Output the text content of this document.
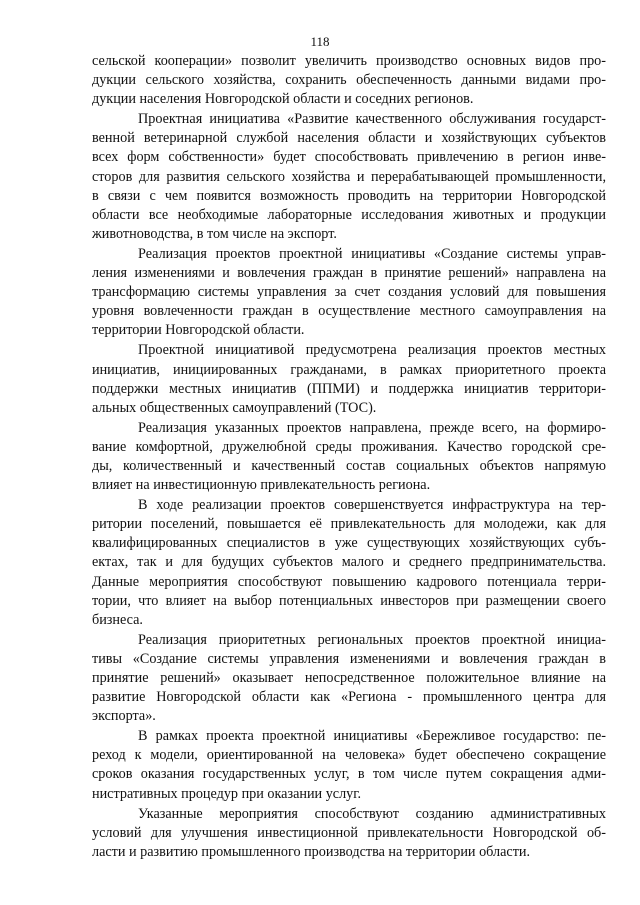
118
сельской кооперации» позволит увеличить производство основных видов про-
дукции сельского хозяйства, сохранить обеспеченность данными видами про-
дукции населения Новгородской области и соседних регионов.
Проектная инициатива «Развитие качественного обслуживания государст-
венной ветеринарной службой населения области и хозяйствующих субъектов
всех форм собственности» будет способствовать привлечению в регион инве-
сторов для развития сельского хозяйства и перерабатывающей промышленности,
в связи с чем появится возможность проводить на территории Новгородской
области все необходимые лабораторные исследования животных и продукции
животноводства, в том числе на экспорт.
Реализация проектов проектной инициативы «Создание системы управ-
ления изменениями и вовлечения граждан в принятие решений» направлена на
трансформацию системы управления за счет создания условий для повышения
уровня вовлеченности граждан в осуществление местного самоуправления на
территории Новгородской области.
Проектной инициативой предусмотрена реализация проектов местных
инициатив, инициированных гражданами, в рамках приоритетного проекта
поддержки местных инициатив (ППМИ) и поддержка инициатив территори-
альных общественных самоуправлений (ТОС).
Реализация указанных проектов направлена, прежде всего, на формиро-
вание комфортной, дружелюбной среды проживания. Качество городской сре-
ды, количественный и качественный состав социальных объектов напрямую
влияет на инвестиционную привлекательность региона.
В ходе реализации проектов совершенствуется инфраструктура на тер-
ритории поселений, повышается её привлекательность для молодежи, как для
квалифицированных специалистов в уже существующих хозяйствующих субъ-
ектах, так и для будущих субъектов малого и среднего предпринимательства.
Данные мероприятия способствуют повышению кадрового потенциала терри-
тории, что влияет на выбор потенциальных инвесторов при размещении своего
бизнеса.
Реализация приоритетных региональных проектов проектной инициа-
тивы «Создание системы управления изменениями и вовлечения граждан в
принятие решений» оказывает непосредственное положительное влияние на
развитие Новгородской области как «Региона - промышленного центра для
экспорта».
В рамках проекта проектной инициативы «Бережливое государство: пе-
реход к модели, ориентированной на человека» будет обеспечено сокращение
сроков оказания государственных услуг, в том числе путем сокращения адми-
нистративных процедур при оказании услуг.
Указанные мероприятия способствуют созданию административных
условий для улучшения инвестиционной привлекательности Новгородской об-
ласти и развитию промышленного производства на территории области.
